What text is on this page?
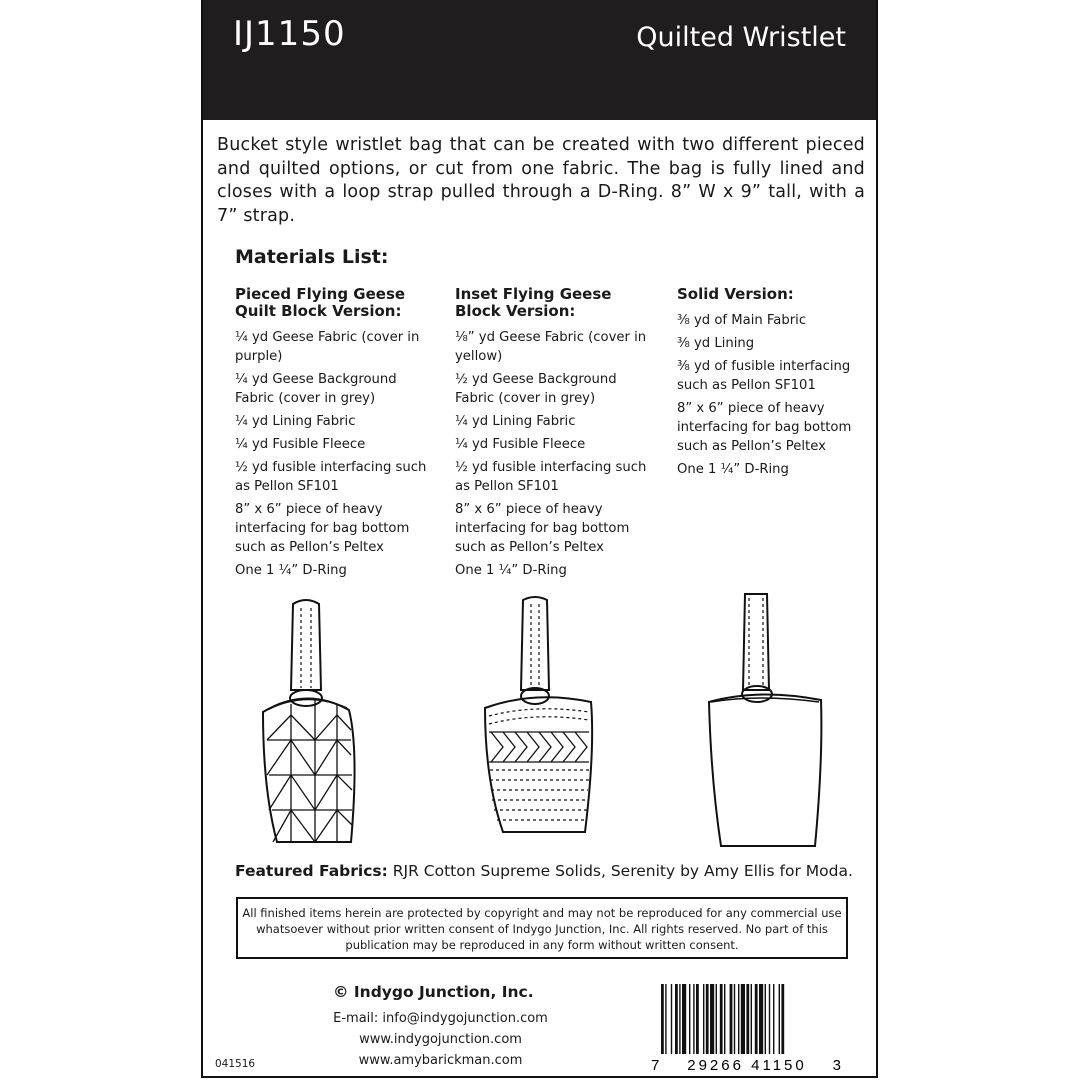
IJ1150	Quilted Wristlet
Bucket style wristlet bag that can be created with two different pieced and quilted options, or cut from one fabric. The bag is fully lined and closes with a loop strap pulled through a D-Ring. 8” W x 9” tall, with a 7” strap.
Materials List:
Pieced Flying Geese Quilt Block Version:
¼ yd Geese Fabric (cover in purple)
¼ yd Geese Background Fabric (cover in grey)
¼ yd Lining Fabric
¼ yd Fusible Fleece
½ yd fusible interfacing such as Pellon SF101
8” x 6” piece of heavy interfacing for bag bottom such as Pellon’s Peltex
One 1 ¼” D-Ring
Inset Flying Geese Block Version:
⅛” yd Geese Fabric (cover in yellow)
½ yd Geese Background Fabric (cover in grey)
¼ yd Lining Fabric
¼ yd Fusible Fleece
½ yd fusible interfacing such as Pellon SF101
8” x 6” piece of heavy interfacing for bag bottom such as Pellon’s Peltex
One 1 ¼” D-Ring
Solid Version:
⅜ yd of Main Fabric
⅜ yd Lining
⅜ yd of fusible interfacing such as Pellon SF101
8” x 6” piece of heavy interfacing for bag bottom such as Pellon’s Peltex
One 1 ¼” D-Ring
Featured Fabrics: RJR Cotton Supreme Solids, Serenity by Amy Ellis for Moda.
All finished items herein are protected by copyright and may not be reproduced for any commercial use whatsoever without prior written consent of Indygo Junction, Inc. All rights reserved. No part of this publication may be reproduced in any form without written consent.
© Indygo Junction, Inc.
E-mail: info@indygojunction.com
www.indygojunction.com
www.amybarickman.com
041516	7 29266 41150 3
